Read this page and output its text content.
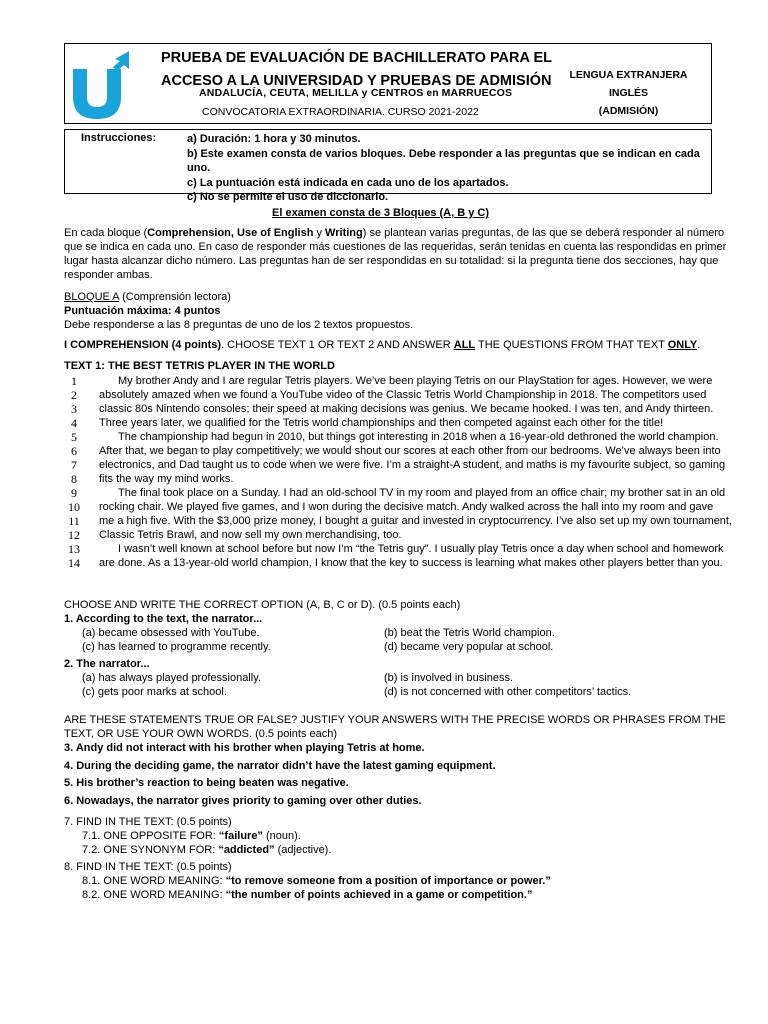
PRUEBA DE EVALUACIÓN DE BACHILLERATO PARA EL
ACCESO A LA UNIVERSIDAD Y PRUEBAS DE ADMISIÓN
ANDALUCÍA, CEUTA, MELILLA y CENTROS en MARRUECOS
CONVOCATORIA EXTRAORDINARIA. CURSO 2021-2022
LENGUA EXTRANJERA
INGLÉS
(ADMISIÓN)
Instrucciones:	a) Duración: 1 hora y 30 minutos.
b) Este examen consta de varios bloques. Debe responder a las preguntas que se indican en cada uno.
c) La puntuación está indicada en cada uno de los apartados.
c) No se permite el uso de diccionario.
El examen consta de 3 Bloques (A, B y C)
En cada bloque (Comprehension, Use of English y Writing) se plantean varias preguntas, de las que se deberá responder al número
que se indica en cada uno. En caso de responder más cuestiones de las requeridas, serán tenidas en cuenta las respondidas en primer
lugar hasta alcanzar dicho número. Las preguntas han de ser respondidas en su totalidad: si la pregunta tiene dos secciones, hay que
responder ambas.
BLOQUE A (Comprensión lectora)
Puntuación máxima: 4 puntos
Debe responderse a las 8 preguntas de uno de los 2 textos propuestos.
I COMPREHENSION (4 points). CHOOSE TEXT 1 OR TEXT 2 AND ANSWER ALL THE QUESTIONS FROM THAT TEXT ONLY.
TEXT 1: THE BEST TETRIS PLAYER IN THE WORLD
1	My brother Andy and I are regular Tetris players. We’ve been playing Tetris on our PlayStation for ages. However, we were
2	absolutely amazed when we found a YouTube video of the Classic Tetris World Championship in 2018. The competitors used
3	classic 80s Nintendo consoles; their speed at making decisions was genius. We became hooked. I was ten, and Andy thirteen.
4	Three years later, we qualified for the Tetris world championships and then competed against each other for the title!
5	The championship had begun in 2010, but things got interesting in 2018 when a 16-year-old dethroned the world champion.
6	After that, we began to play competitively; we would shout our scores at each other from our bedrooms. We’ve always been into
7	electronics, and Dad taught us to code when we were five. I’m a straight-A student, and maths is my favourite subject, so gaming
8	fits the way my mind works.
9	The final took place on a Sunday. I had an old-school TV in my room and played from an office chair; my brother sat in an old
10	rocking chair. We played five games, and I won during the decisive match. Andy walked across the hall into my room and gave
11	me a high five. With the $3,000 prize money, I bought a guitar and invested in cryptocurrency. I’ve also set up my own tournament,
12	Classic Tetris Brawl, and now sell my own merchandising, too.
13	I wasn’t well known at school before but now I’m “the Tetris guy”. I usually play Tetris once a day when school and homework
14	are done. As a 13-year-old world champion, I know that the key to success is learning what makes other players better than you.
CHOOSE AND WRITE THE CORRECT OPTION (A, B, C or D). (0.5 points each)
1. According to the text, the narrator...
(a) became obsessed with YouTube.	(b) beat the Tetris World champion.
(c) has learned to programme recently.	(d) became very popular at school.
2. The narrator...
(a) has always played professionally.	(b) is involved in business.
(c) gets poor marks at school.	(d) is not concerned with other competitors’ tactics.
ARE THESE STATEMENTS TRUE OR FALSE? JUSTIFY YOUR ANSWERS WITH THE PRECISE WORDS OR PHRASES FROM THE
TEXT, OR USE YOUR OWN WORDS. (0.5 points each)
3. Andy did not interact with his brother when playing Tetris at home.
4. During the deciding game, the narrator didn’t have the latest gaming equipment.
5. His brother’s reaction to being beaten was negative.
6. Nowadays, the narrator gives priority to gaming over other duties.
7. FIND IN THE TEXT: (0.5 points)
7.1. ONE OPPOSITE FOR: “failure” (noun).
7.2. ONE SYNONYM FOR: “addicted” (adjective).
8. FIND IN THE TEXT: (0.5 points)
8.1. ONE WORD MEANING: “to remove someone from a position of importance or power.”
8.2. ONE WORD MEANING: “the number of points achieved in a game or competition.”
